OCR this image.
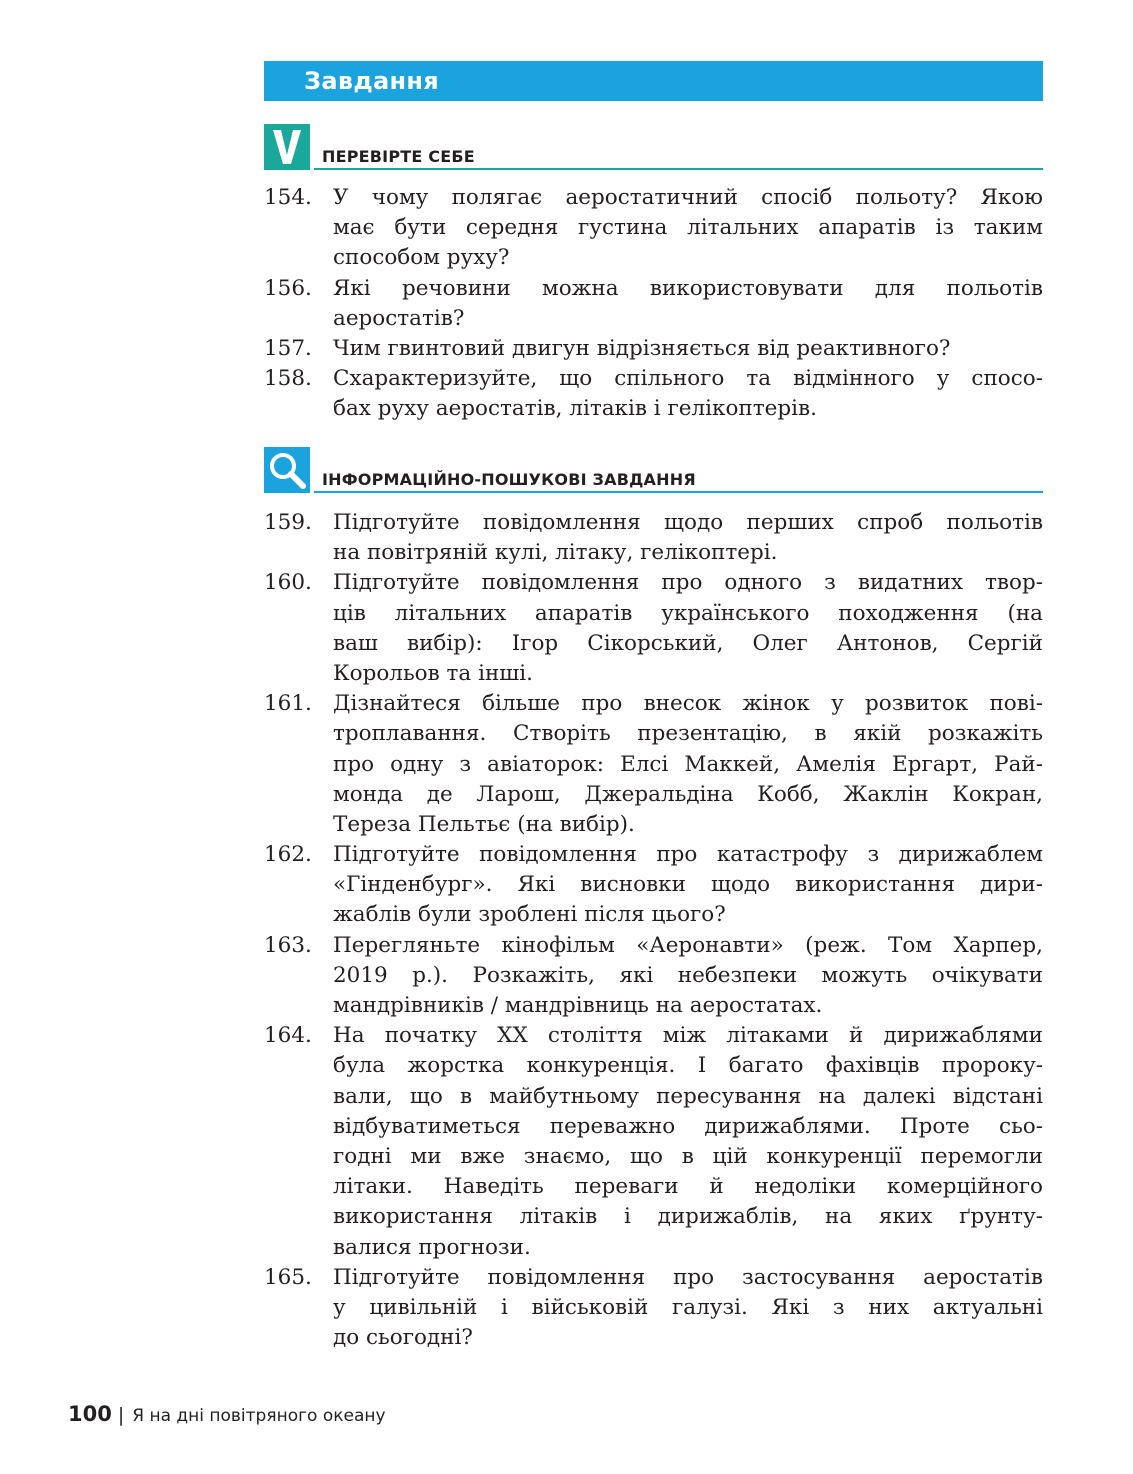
Завдання
ПЕРЕВІРТЕ СЕБЕ
154. У чому полягає аеростатичний спосіб польоту? Якою
має бути середня густина літальних апаратів із таким
способом руху?
156. Які речовини можна використовувати для польотів
аеростатів?
157. Чим гвинтовий двигун відрізняється від реактивного?
158. Схарактеризуйте, що спільного та відмінного у спосо-
бах руху аеростатів, літаків і гелікоптерів.
ІНФОРМАЦІЙНО-ПОШУКОВІ ЗАВДАННЯ
159. Підготуйте повідомлення щодо перших спроб польотів
на повітряній кулі, літаку, гелікоптері.
160. Підготуйте повідомлення про одного з видатних твор-
ців літальних апаратів українського походження (на
ваш вибір): Ігор Сікорський, Олег Антонов, Сергій
Корольов та інші.
161. Дізнайтеся більше про внесок жінок у розвиток пові-
троплавання. Створіть презентацію, в якій розкажіть
про одну з авіаторок: Елсі Маккей, Амелія Ергарт, Рай-
монда де Ларош, Джеральдіна Кобб, Жаклін Кокран,
Тереза Пельтьє (на вибір).
162. Підготуйте повідомлення про катастрофу з дирижаблем
«Гінденбург». Які висновки щодо використання дири-
жаблів були зроблені після цього?
163. Перегляньте кінофільм «Аеронавти» (реж. Том Харпер,
2019 р.). Розкажіть, які небезпеки можуть очікувати
мандрівників / мандрівниць на аеростатах.
164. На початку XX століття між літаками й дирижаблями
була жорстка конкуренція. І багато фахівців пророку-
вали, що в майбутньому пересування на далекі відстані
відбуватиметься переважно дирижаблями. Проте сьо-
годні ми вже знаємо, що в цій конкуренції перемогли
літаки. Наведіть переваги й недоліки комерційного
використання літаків і дирижаблів, на яких ґрунту-
валися прогнози.
165. Підготуйте повідомлення про застосування аеростатів
у цивільній і військовій галузі. Які з них актуальні
до сьогодні?
100 | Я на дні повітряного океану
